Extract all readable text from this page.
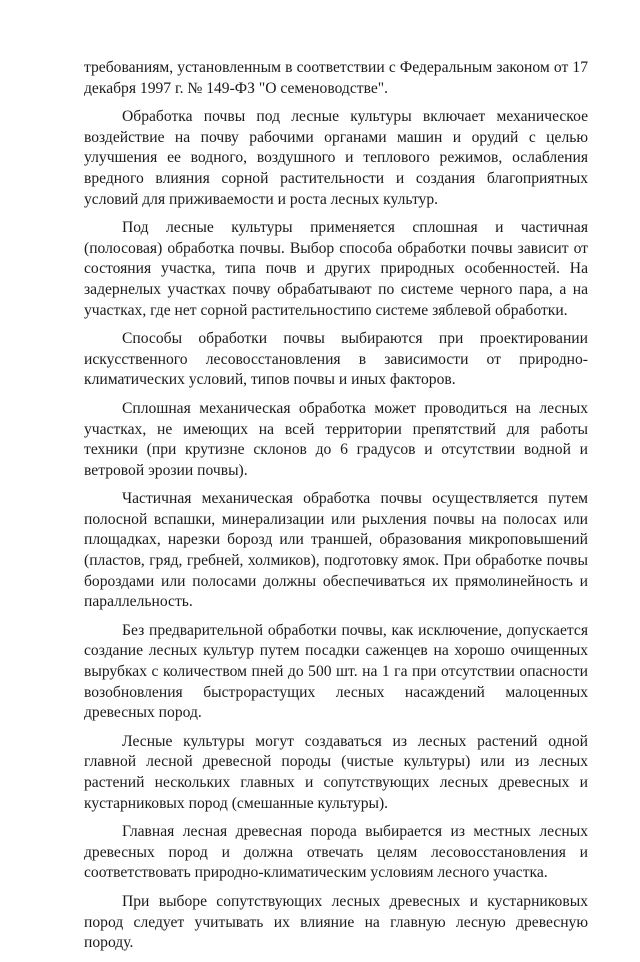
требованиям, установленным в соответствии с Федеральным законом от 17 декабря 1997 г. № 149-ФЗ "О семеноводстве".

Обработка почвы под лесные культуры включает механическое воздействие на почву рабочими органами машин и орудий с целью улучшения ее водного, воздушного и теплового режимов, ослабления вредного влияния сорной растительности и создания благоприятных условий для приживаемости и роста лесных культур.

Под лесные культуры применяется сплошная и частичная (полосовая) обработка почвы. Выбор способа обработки почвы зависит от состояния участка, типа почв и других природных особенностей. На задернелых участках почву обрабатывают по системе черного пара, а на участках, где нет сорной растительностипо системе зяблевой обработки.

Способы обработки почвы выбираются при проектировании искусственного лесовосстановления в зависимости от природно-климатических условий, типов почвы и иных факторов.

Сплошная механическая обработка может проводиться на лесных участках, не имеющих на всей территории препятствий для работы техники (при крутизне склонов до 6 градусов и отсутствии водной и ветровой эрозии почвы).

Частичная механическая обработка почвы осуществляется путем полосной вспашки, минерализации или рыхления почвы на полосах или площадках, нарезки борозд или траншей, образования микроповышений (пластов, гряд, гребней, холмиков), подготовку ямок. При обработке почвы бороздами или полосами должны обеспечиваться их прямолинейность и параллельность.

Без предварительной обработки почвы, как исключение, допускается создание лесных культур путем посадки саженцев на хорошо очищенных вырубках с количеством пней до 500 шт. на 1 га при отсутствии опасности возобновления быстрорастущих лесных насаждений малоценных древесных пород.

Лесные культуры могут создаваться из лесных растений одной главной лесной древесной породы (чистые культуры) или из лесных растений нескольких главных и сопутствующих лесных древесных и кустарниковых пород (смешанные культуры).

Главная лесная древесная порода выбирается из местных лесных древесных пород и должна отвечать целям лесовосстановления и соответствовать природно-климатическим условиям лесного участка.

При выборе сопутствующих лесных древесных и кустарниковых пород следует учитывать их влияние на главную лесную древесную породу.
